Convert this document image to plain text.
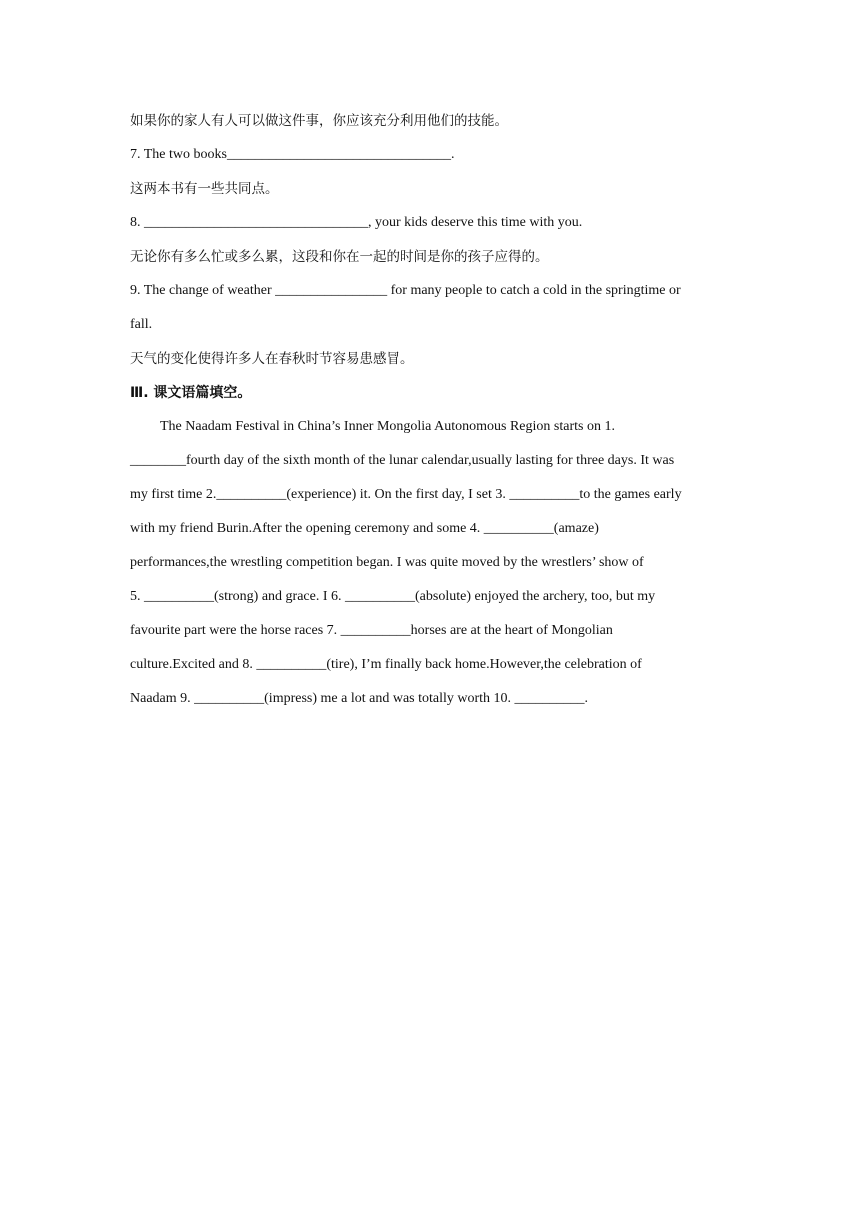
如果你的家人有人可以做这件事，你应该充分利用他们的技能。
7. The two books________________________________.
这两本书有一些共同点。
8. ________________________________, your kids deserve this time with you.
无论你有多么忙或多么累，这段和你在一起的时间是你的孩子应得的。
9. The change of weather ________________ for many people to catch a cold in the springtime or
fall.
天气的变化使得许多人在春秋时节容易患感冒。
Ⅲ. 课文语篇填空。
The Naadam Festival in China’s Inner Mongolia Autonomous Region starts on 1.
________fourth day of the sixth month of the lunar calendar,usually lasting for three days. It was
my first time 2.__________(experience) it. On the first day, I set 3. __________to the games early
with my friend Burin.After the opening ceremony and some 4. __________(amaze)
performances,the wrestling competition began. I was quite moved by the wrestlers’ show of
5. __________(strong) and grace. I 6. __________(absolute) enjoyed the archery, too, but my
favourite part were the horse races 7. __________horses are at the heart of Mongolian
culture.Excited and 8. __________(tire), I’m finally back home.However,the celebration of
Naadam 9. __________(impress) me a lot and was totally worth 10. __________.
